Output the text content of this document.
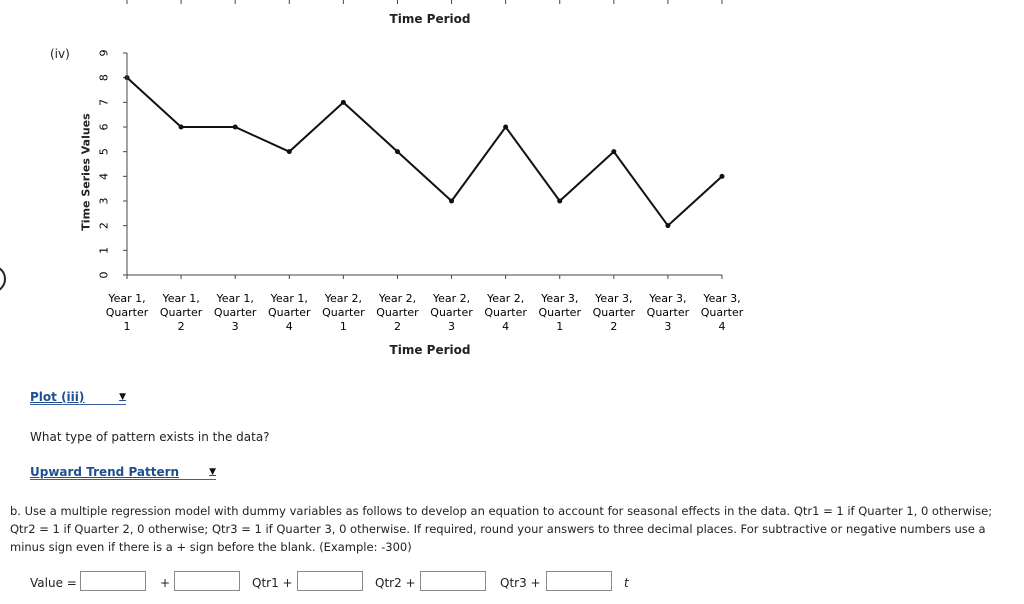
Time Period
(iv)
Time Series Values
0
1
2
3
4
5
6
7
8
9
Year 1, Quarter 1
Year 1, Quarter 2
Year 1, Quarter 3
Year 1, Quarter 4
Year 2, Quarter 1
Year 2, Quarter 2
Year 2, Quarter 3
Year 2, Quarter 4
Year 3, Quarter 1
Year 3, Quarter 2
Year 3, Quarter 3
Year 3, Quarter 4
Time Period
Plot (iii)	▼
What type of pattern exists in the data?
Upward Trend Pattern	▼
b. Use a multiple regression model with dummy variables as follows to develop an equation to account for seasonal effects in the data. Qtr1 = 1 if Quarter 1, 0 otherwise; Qtr2 = 1 if Quarter 2, 0 otherwise; Qtr3 = 1 if Quarter 3, 0 otherwise. If required, round your answers to three decimal places. For subtractive or negative numbers use a minus sign even if there is a + sign before the blank. (Example: -300)
Value =	+	Qtr1 +	Qtr2 +	Qtr3 +	t
